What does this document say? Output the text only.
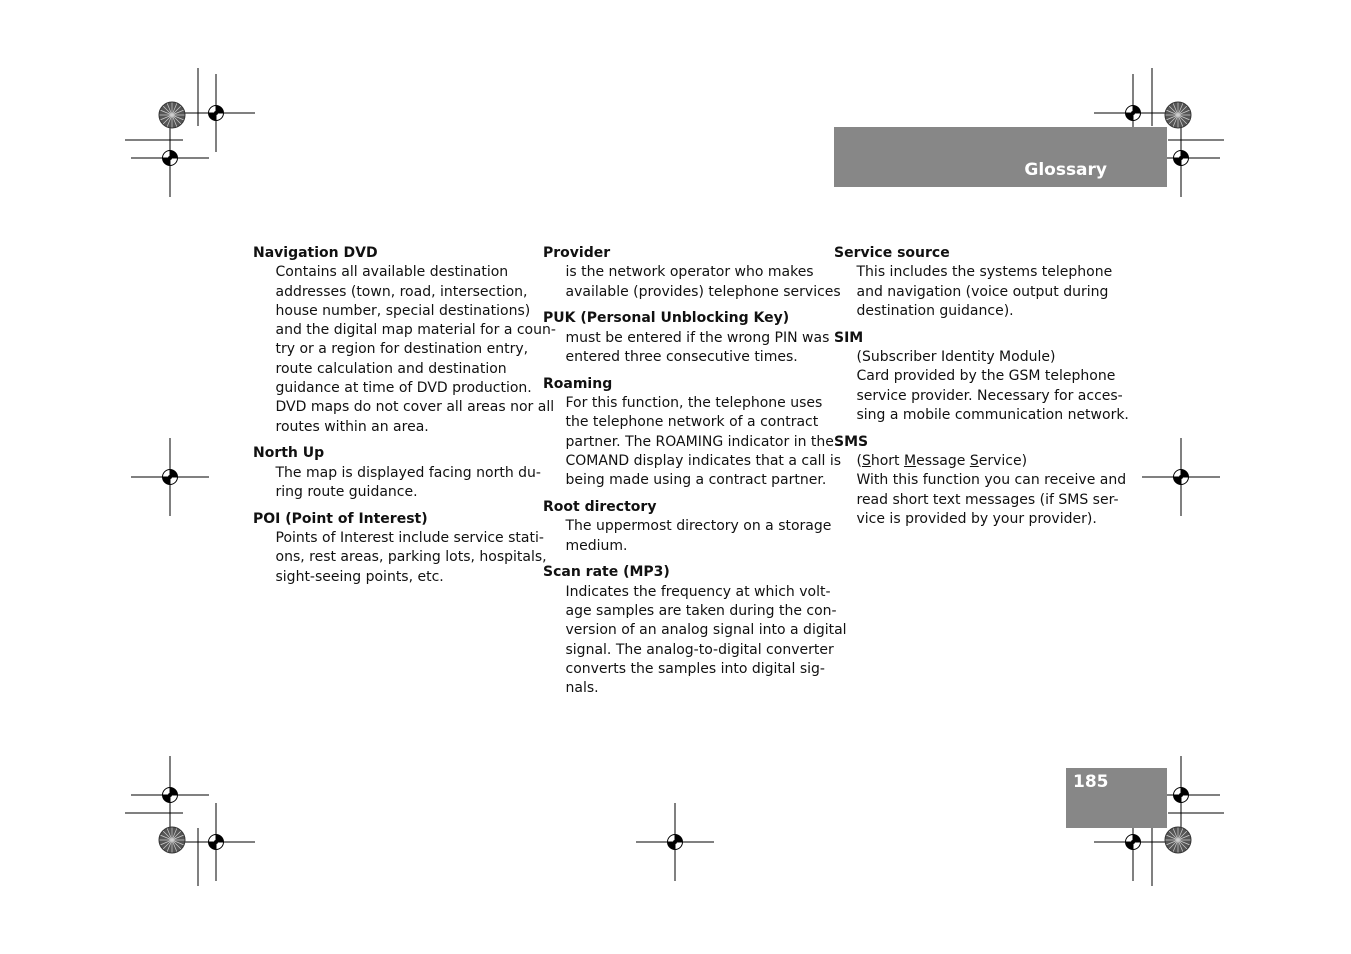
Glossary
185

Navigation DVD

Contains all available destination
addresses (town, road, intersection,
house number, special destinations)
and the digital map material for a coun-
try or a region for destination entry,
route calculation and destination
guidance at time of DVD production.
DVD maps do not cover all areas nor all
routes within an area.

North Up

The map is displayed facing north du-
ring route guidance.

POI (Point of Interest)

Points of Interest include service stati-
ons, rest areas, parking lots, hospitals,
sight-seeing points, etc.

Provider

is the network operator who makes
available (provides) telephone services

PUK (Personal Unblocking Key)

must be entered if the wrong PIN was
entered three consecutive times.

Roaming

For this function, the telephone uses
the telephone network of a contract
partner. The ROAMING indicator in the
COMAND display indicates that a call is
being made using a contract partner.

Root directory

The uppermost directory on a storage
medium.

Scan rate (MP3)

Indicates the frequency at which volt-
age samples are taken during the con-
version of an analog signal into a digital
signal. The analog-to-digital converter
converts the samples into digital sig-
nals.

Service source

This includes the systems telephone
and navigation (voice output during
destination guidance).

SIM

(Subscriber Identity Module)
Card provided by the GSM telephone
service provider. Necessary for acces-
sing a mobile communication network.

SMS

(Short Message Service)
With this function you can receive and
read short text messages (if SMS ser-
vice is provided by your provider).
